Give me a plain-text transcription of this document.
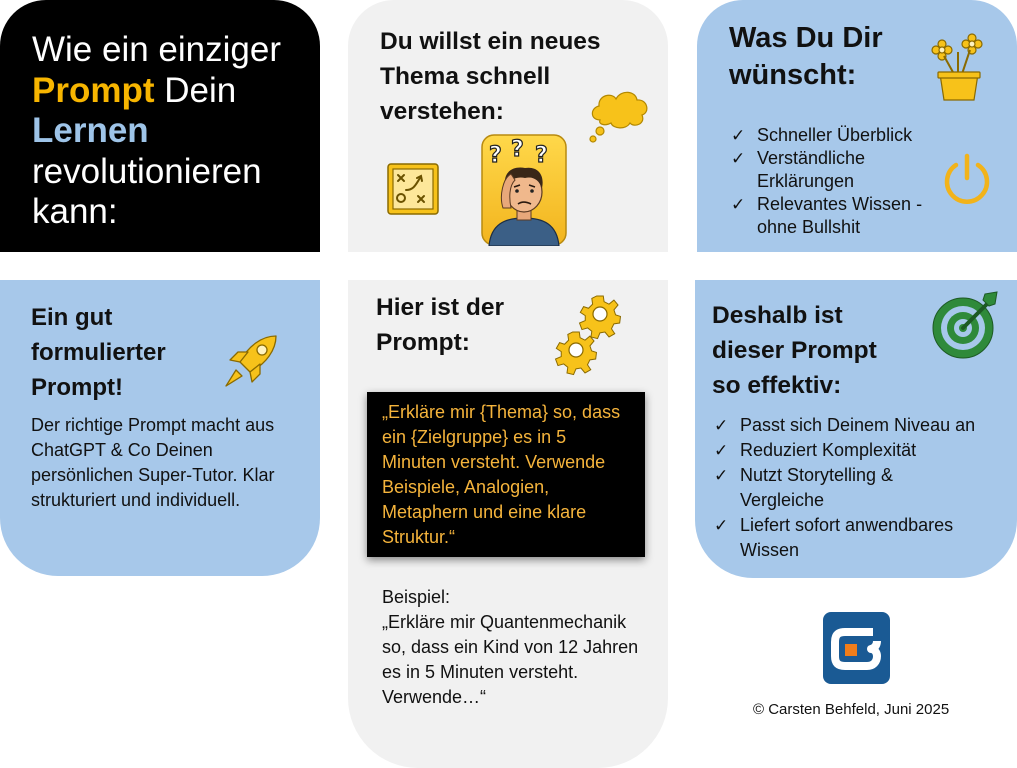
Wie ein einziger

Prompt Dein

Lernen

revolutionieren

kann:

Du willst ein neues

Thema schnell

verstehen:

? ? ?

Was Du Dir

wünscht:

✓ Schneller Überblick
✓ Verständliche Erklärungen
✓ Relevantes Wissen - ohne Bullshit

Ein gut

formulierter

Prompt!

Der richtige Prompt macht aus ChatGPT & Co Deinen persönlichen Super-Tutor. Klar strukturiert und individuell.

Hier ist der

Prompt:

„Erkläre mir {Thema} so, dass ein {Zielgruppe} es in 5 Minuten versteht. Verwende Beispiele, Analogien, Metaphern und eine klare Struktur.“

Beispiel:

„Erkläre mir Quantenmechanik so, dass ein Kind von 12 Jahren es in 5 Minuten versteht. Verwende…“

Deshalb ist

dieser Prompt

so effektiv:

✓ Passt sich Deinem Niveau an
✓ Reduziert Komplexität
✓ Nutzt Storytelling & Vergleiche
✓ Liefert sofort anwendbares Wissen
© Carsten Behfeld, Juni 2025
